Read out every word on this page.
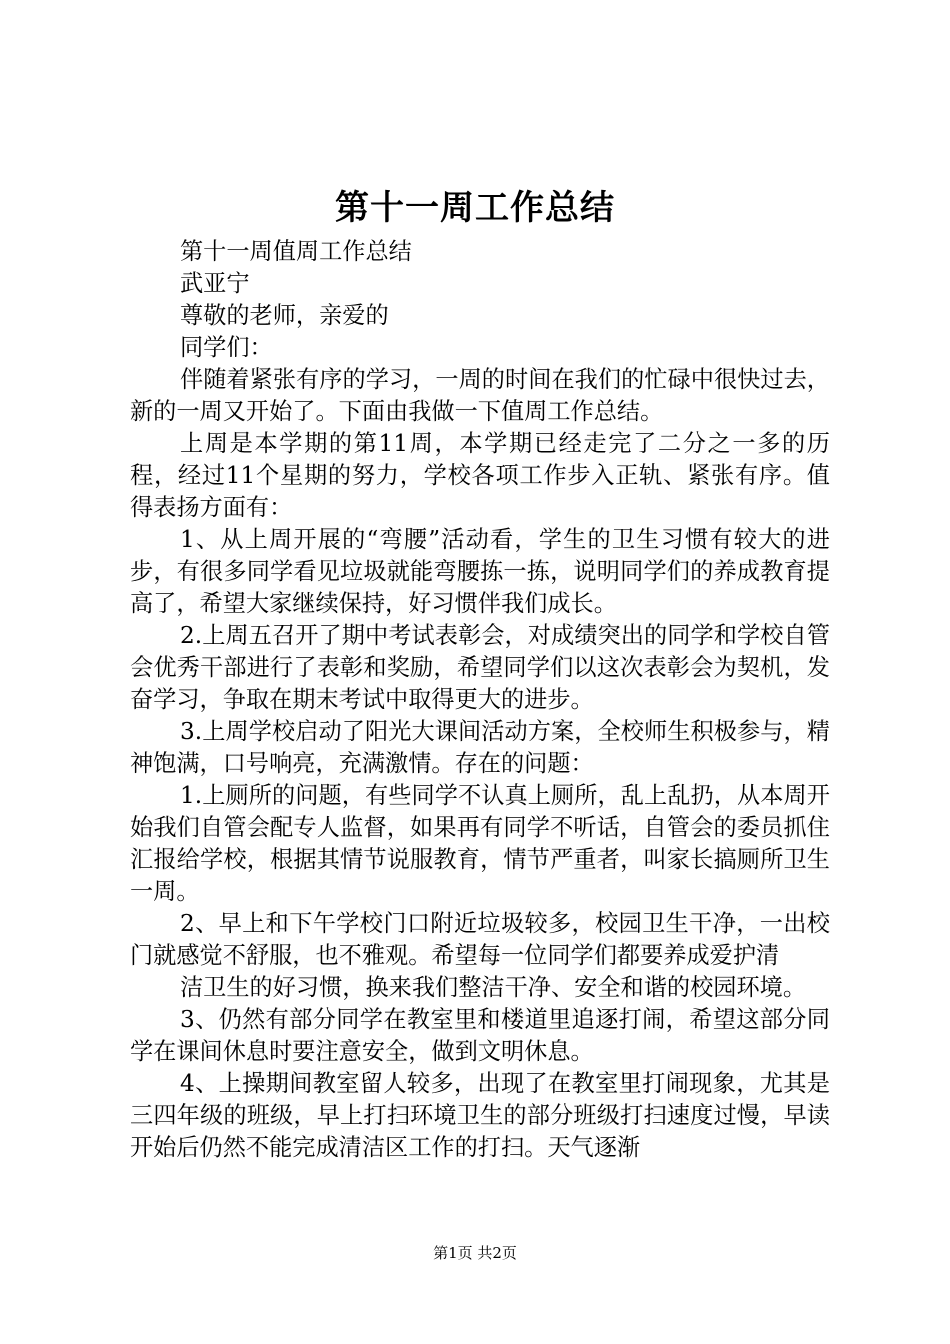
第十一周工作总结

第十一周值周工作总结

武亚宁

尊敬的老师，亲爱的

同学们：

伴随着紧张有序的学习，一周的时间在我们的忙碌中很快过去，新的一周又开始了。下面由我做一下值周工作总结。

上周是本学期的第11周，本学期已经走完了二分之一多的历程，经过11个星期的努力，学校各项工作步入正轨、紧张有序。值得表扬方面有：

1、从上周开展的“弯腰”活动看，学生的卫生习惯有较大的进步，有很多同学看见垃圾就能弯腰拣一拣，说明同学们的养成教育提高了，希望大家继续保持，好习惯伴我们成长。

2.上周五召开了期中考试表彰会，对成绩突出的同学和学校自管会优秀干部进行了表彰和奖励，希望同学们以这次表彰会为契机，发奋学习，争取在期末考试中取得更大的进步。

3.上周学校启动了阳光大课间活动方案，全校师生积极参与，精神饱满，口号响亮，充满激情。存在的问题：

1.上厕所的问题，有些同学不认真上厕所，乱上乱扔，从本周开始我们自管会配专人监督，如果再有同学不听话，自管会的委员抓住汇报给学校，根据其情节说服教育，情节严重者，叫家长搞厕所卫生一周。

2、早上和下午学校门口附近垃圾较多，校园卫生干净，一出校门就感觉不舒服，也不雅观。希望每一位同学们都要养成爱护清

洁卫生的好习惯，换来我们整洁干净、安全和谐的校园环境。

3、仍然有部分同学在教室里和楼道里追逐打闹，希望这部分同学在课间休息时要注意安全，做到文明休息。

4、上操期间教室留人较多，出现了在教室里打闹现象，尤其是三四年级的班级，早上打扫环境卫生的部分班级打扫速度过慢，早读开始后仍然不能完成清洁区工作的打扫。天气逐渐

第1页 共2页
